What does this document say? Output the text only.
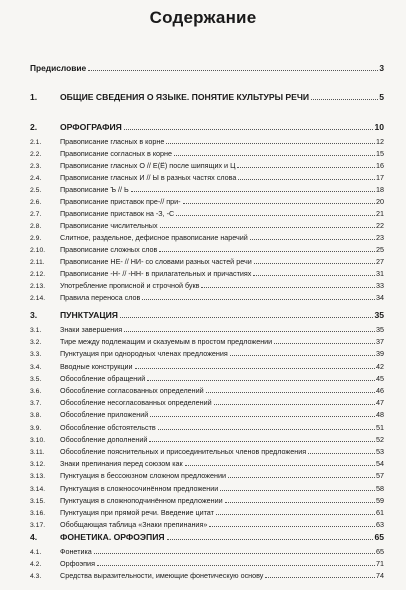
Содержание
Предисловие	3
1.	ОБЩИЕ СВЕДЕНИЯ О ЯЗЫКЕ. ПОНЯТИЕ КУЛЬТУРЫ РЕЧИ	5
2.	ОРФОГРАФИЯ	10
2.1.	Правописание гласных в корне	12
2.2.	Правописание согласных в корне	15
2.3.	Правописание гласных О // Е(Ё) после шипящих и Ц	16
2.4.	Правописание гласных И // Ы в разных частях слова	17
2.5.	Правописание Ъ // Ь	18
2.6.	Правописание приставок пре-// при-	20
2.7.	Правописание приставок на -З, -С	21
2.8.	Правописание числительных	22
2.9.	Слитное, раздельное, дефисное правописание наречий	23
2.10.	Правописание сложных слов	25
2.11.	Правописание НЕ- // НИ- со словами разных частей речи	27
2.12.	Правописание -Н- // -НН- в прилагательных и причастиях	31
2.13.	Употребление прописной и строчной букв	33
2.14.	Правила переноса слов	34
3.	ПУНКТУАЦИЯ	35
3.1.	Знаки завершения	35
3.2.	Тире между подлежащим и сказуемым в простом предложении	37
3.3.	Пунктуация при однородных членах предложения	39
3.4.	Вводные конструкции	42
3.5.	Обособление обращений	45
3.6.	Обособление согласованных определений	46
3.7.	Обособление несогласованных определений	47
3.8.	Обособление приложений	48
3.9.	Обособление обстоятельств	51
3.10.	Обособление дополнений	52
3.11.	Обособление пояснительных и присоединительных членов предложения	53
3.12.	Знаки препинания перед союзом как	54
3.13.	Пунктуация в бессоюзном сложном предложении	57
3.14.	Пунктуация в сложносочинённом предложении	58
3.15.	Пунктуация в сложноподчинённом предложении	59
3.16.	Пунктуация при прямой речи. Введение цитат	61
3.17.	Обобщающая таблица «Знаки препинания»	63
4.	ФОНЕТИКА. ОРФОЭПИЯ	65
4.1.	Фонетика	65
4.2.	Орфоэпия	71
4.3.	Средства выразительности, имеющие фонетическую основу	74
